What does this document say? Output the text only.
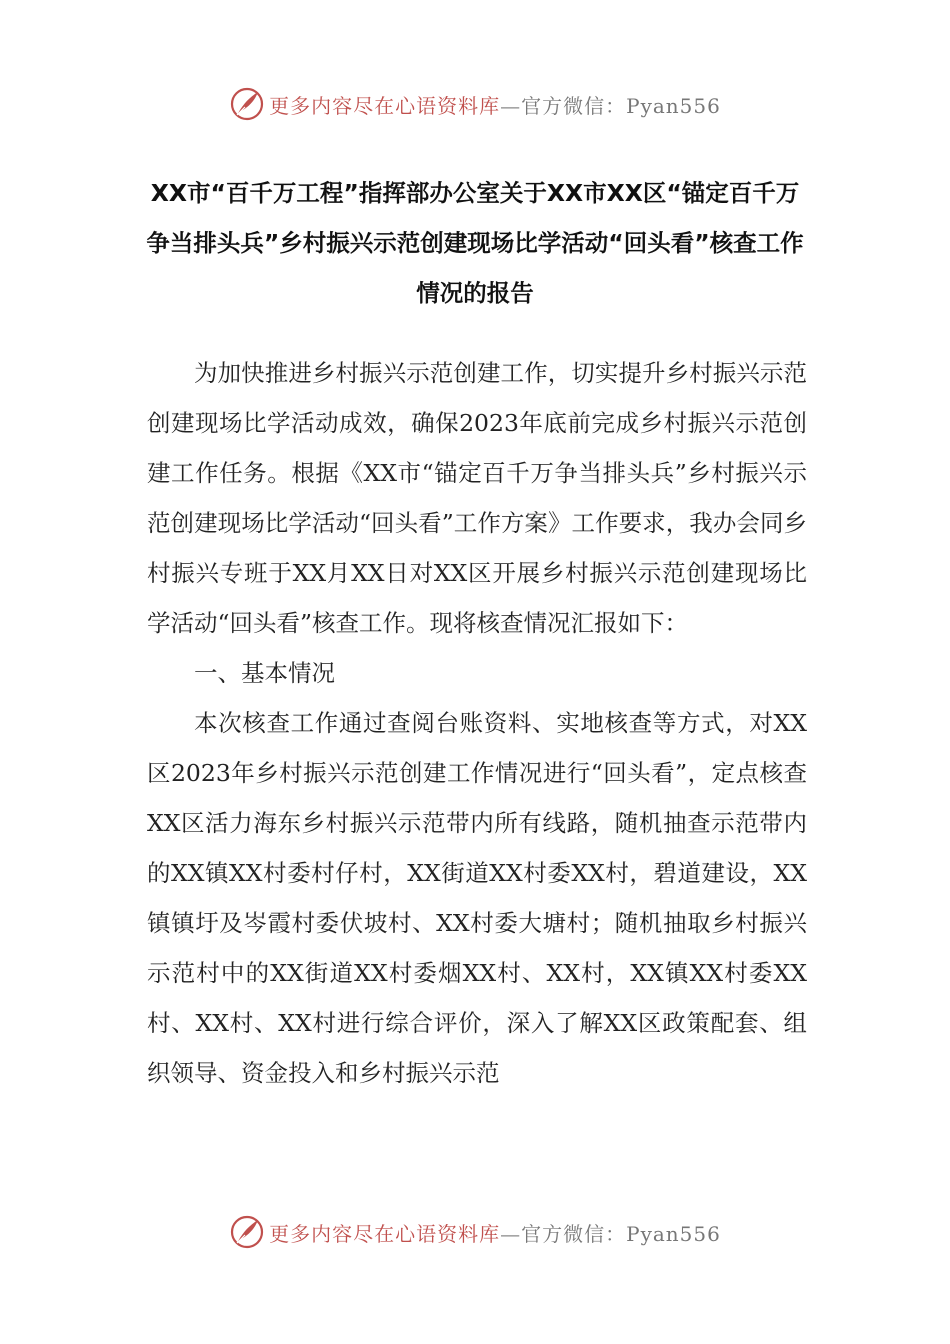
更多内容尽在心语资料库—官方微信：Pyan556
XX市“百千万工程”指挥部办公室关于XX市XX区“锚定百千万争当排头兵”乡村振兴示范创建现场比学活动“回头看”核查工作情况的报告

为加快推进乡村振兴示范创建工作，切实提升乡村振兴示范创建现场比学活动成效，确保2023年底前完成乡村振兴示范创建工作任务。根据《XX市“锚定百千万争当排头兵”乡村振兴示范创建现场比学活动“回头看”工作方案》工作要求，我办会同乡村振兴专班于XX月XX日对XX区开展乡村振兴示范创建现场比学活动“回头看”核查工作。现将核查情况汇报如下：

一、基本情况

本次核查工作通过查阅台账资料、实地核查等方式，对XX区2023年乡村振兴示范创建工作情况进行“回头看”，定点核查XX区活力海东乡村振兴示范带内所有线路，随机抽查示范带内的XX镇XX村委村仔村，XX街道XX村委XX村，碧道建设，XX镇镇圩及岑霞村委伏坡村、XX村委大塘村；随机抽取乡村振兴示范村中的XX街道XX村委烟XX村、XX村，XX镇XX村委XX村、XX村、XX村进行综合评价，深入了解XX区政策配套、组织领导、资金投入和乡村振兴示范

更多内容尽在心语资料库—官方微信：Pyan556
